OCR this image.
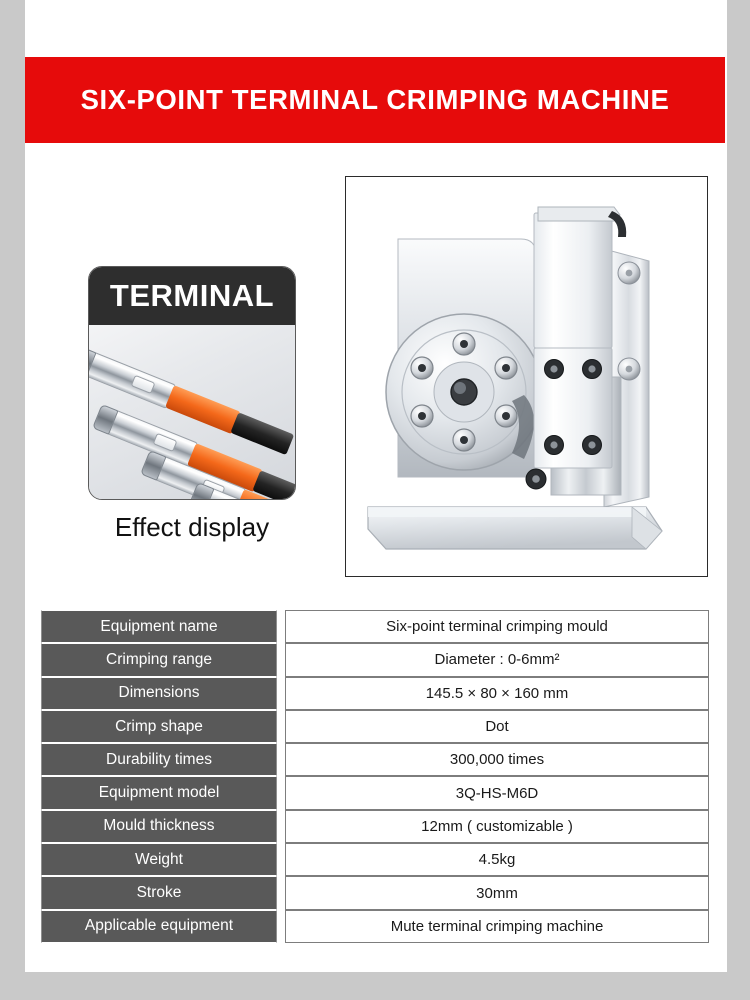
SIX-POINT TERMINAL CRIMPING MACHINE
TERMINAL
Effect display
Equipment name		Six-point terminal crimping mould
Crimping range		Diameter : 0-6mm²
Dimensions		145.5 × 80 × 160 mm
Crimp shape		Dot
Durability times		300,000 times
Equipment model		3Q-HS-M6D
Mould thickness		12mm ( customizable )
Weight		4.5kg
Stroke		30mm
Applicable equipment		Mute terminal crimping machine
